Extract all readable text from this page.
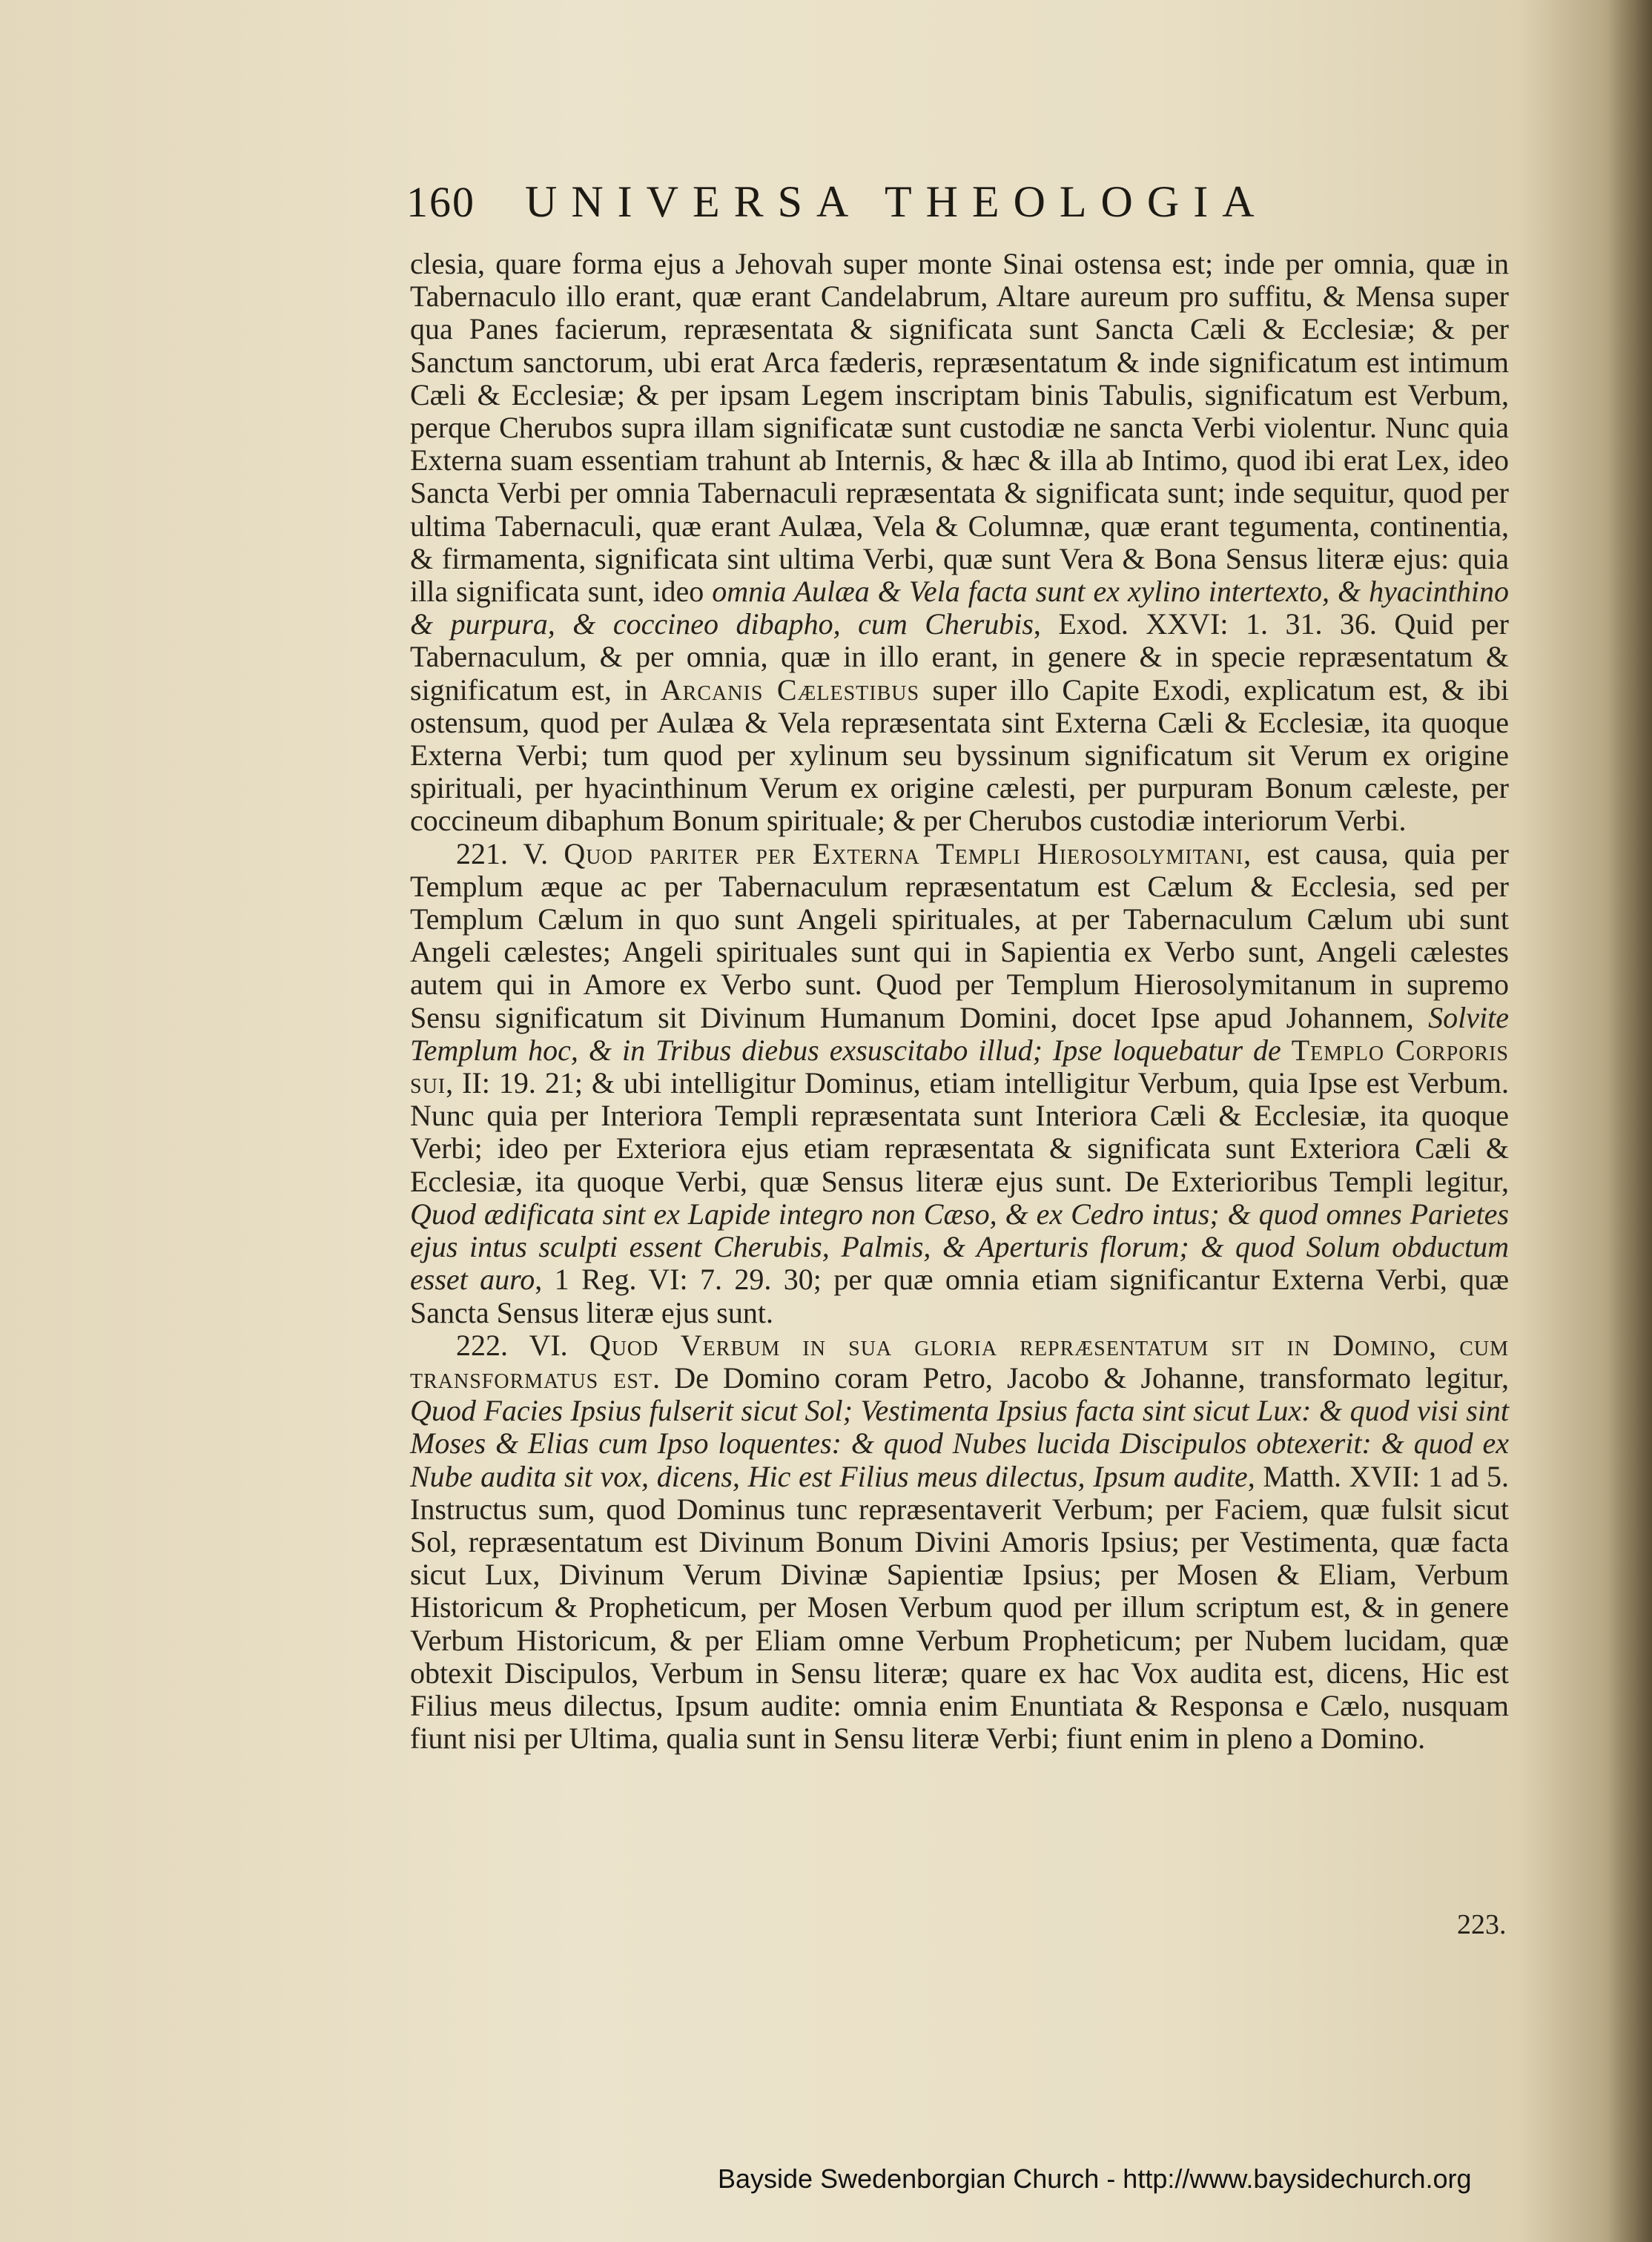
160	UNIVERSA THEOLOGIA

clesia, quare forma ejus a Jehovah super monte Sinai ostensa est; inde per omnia, quæ in Tabernaculo illo erant, quæ erant Candelabrum, Altare aureum pro suffitu, & Mensa super qua Panes facierum, repræsentata & significata sunt Sancta Cæli & Ecclesiæ; & per Sanctum sanctorum, ubi erat Arca fæderis, repræsentatum & inde significatum est intimum Cæli & Ecclesiæ; & per ipsam Legem inscriptam binis Tabulis, significatum est Verbum, perque Cherubos supra illam significatæ sunt custodiæ ne sancta Verbi violentur. Nunc quia Externa suam essentiam trahunt ab Internis, & hæc & illa ab Intimo, quod ibi erat Lex, ideo Sancta Verbi per omnia Tabernaculi repræsentata & significata sunt; inde sequitur, quod per ultima Tabernaculi, quæ erant Aulæa, Vela & Columnæ, quæ erant tegumenta, continentia, & firmamenta, significata sint ultima Verbi, quæ sunt Vera & Bona Sensus literæ ejus: quia illa significata sunt, ideo omnia Aulæa & Vela facta sunt ex xylino intertexto, & hyacinthino & purpura, & coccineo dibapho, cum Cherubis, Exod. XXVI: 1. 31. 36. Quid per Tabernaculum, & per omnia, quæ in illo erant, in genere & in specie repræsentatum & significatum est, in Arcanis Cælestibus super illo Capite Exodi, explicatum est, & ibi ostensum, quod per Aulæa & Vela repræsentata sint Externa Cæli & Ecclesiæ, ita quoque Externa Verbi; tum quod per xylinum seu byssinum significatum sit Verum ex origine spirituali, per hyacinthinum Verum ex origine cælesti, per purpuram Bonum cæleste, per coccineum dibaphum Bonum spirituale; & per Cherubos custodiæ interiorum Verbi.

221. V. Quod pariter per Externa Templi Hierosolymitani, est causa, quia per Templum æque ac per Tabernaculum repræsentatum est Cælum & Ecclesia, sed per Templum Cælum in quo sunt Angeli spirituales, at per Tabernaculum Cælum ubi sunt Angeli cælestes; Angeli spirituales sunt qui in Sapientia ex Verbo sunt, Angeli cælestes autem qui in Amore ex Verbo sunt. Quod per Templum Hierosolymitanum in supremo Sensu significatum sit Divinum Humanum Domini, docet Ipse apud Johannem, Solvite Templum hoc, & in Tribus diebus exsuscitabo illud; Ipse loquebatur de Templo Corporis sui, II: 19. 21; & ubi intelligitur Dominus, etiam intelligitur Verbum, quia Ipse est Verbum. Nunc quia per Interiora Templi repræsentata sunt Interiora Cæli & Ecclesiæ, ita quoque Verbi; ideo per Exteriora ejus etiam repræsentata & significata sunt Exteriora Cæli & Ecclesiæ, ita quoque Verbi, quæ Sensus literæ ejus sunt. De Exterioribus Templi legitur, Quod ædificata sint ex Lapide integro non Cæso, & ex Cedro intus; & quod omnes Parietes ejus intus sculpti essent Cherubis, Palmis, & Aperturis florum; & quod Solum obductum esset auro, 1 Reg. VI: 7. 29. 30; per quæ omnia etiam significantur Externa Verbi, quæ Sancta Sensus literæ ejus sunt.

222. VI. Quod Verbum in sua gloria repræsentatum sit in Domino, cum transformatus est. De Domino coram Petro, Jacobo & Johanne, transformato legitur, Quod Facies Ipsius fulserit sicut Sol; Vestimenta Ipsius facta sint sicut Lux: & quod visi sint Moses & Elias cum Ipso loquentes: & quod Nubes lucida Discipulos obtexerit: & quod ex Nube audita sit vox, dicens, Hic est Filius meus dilectus, Ipsum audite, Matth. XVII: 1 ad 5. Instructus sum, quod Dominus tunc repræsentaverit Verbum; per Faciem, quæ fulsit sicut Sol, repræsentatum est Divinum Bonum Divini Amoris Ipsius; per Vestimenta, quæ facta sicut Lux, Divinum Verum Divinæ Sapientiæ Ipsius; per Mosen & Eliam, Verbum Historicum & Propheticum, per Mosen Verbum quod per illum scriptum est, & in genere Verbum Historicum, & per Eliam omne Verbum Propheticum; per Nubem lucidam, quæ obtexit Discipulos, Verbum in Sensu literæ; quare ex hac Vox audita est, dicens, Hic est Filius meus dilectus, Ipsum audite: omnia enim Enuntiata & Responsa e Cælo, nusquam fiunt nisi per Ultima, qualia sunt in Sensu literæ Verbi; fiunt enim in pleno a Domino.

223.
Bayside Swedenborgian Church - http://www.baysidechurch.org
